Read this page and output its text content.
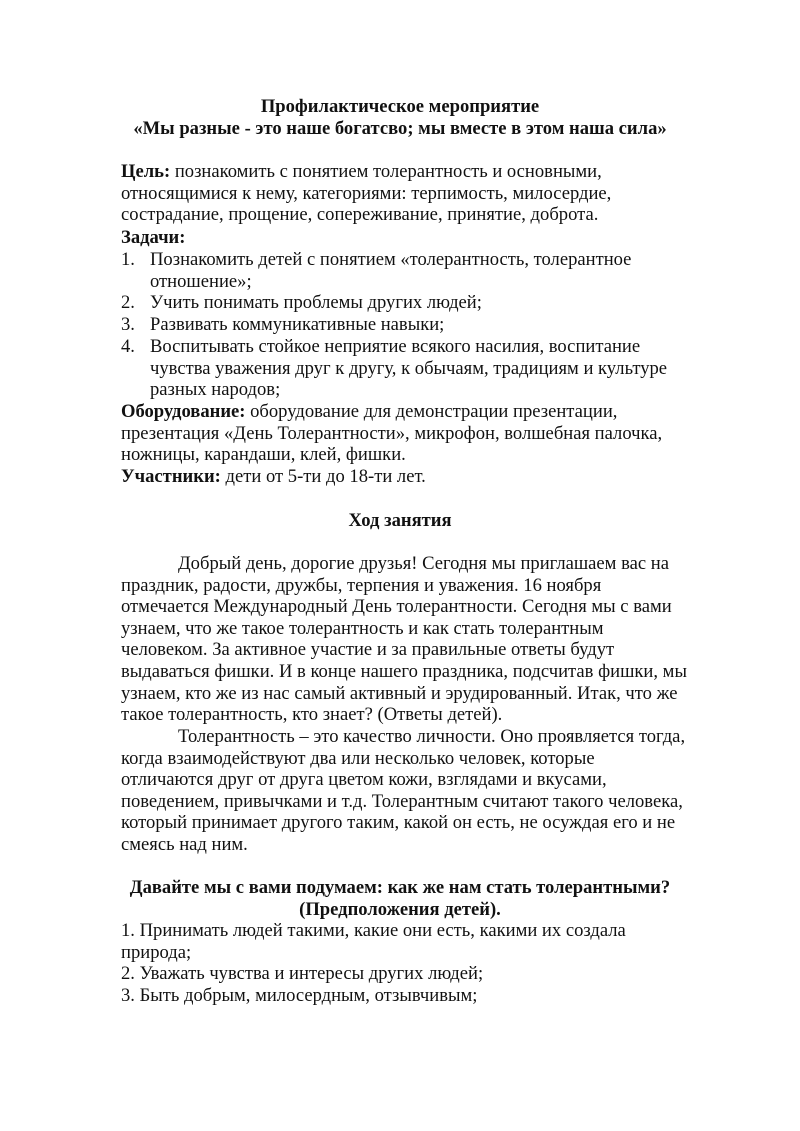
Профилактическое мероприятие
«Мы разные - это наше богатсво; мы вместе в этом наша сила»
Цель: познакомить с понятием толерантность и основными, относящимися к нему, категориями: терпимость, милосердие, сострадание, прощение, сопереживание, принятие, доброта.
Задачи:
1. Познакомить детей с понятием «толерантность, толерантное отношение»;
2. Учить понимать проблемы других людей;
3. Развивать коммуникативные навыки;
4. Воспитывать стойкое неприятие всякого насилия, воспитание чувства уважения друг к другу, к обычаям, традициям и культуре разных народов;
Оборудование: оборудование для демонстрации презентации, презентация «День Толерантности», микрофон, волшебная палочка, ножницы, карандаши, клей, фишки.
Участники: дети от 5-ти до 18-ти лет.
Ход занятия
Добрый день, дорогие друзья! Сегодня мы приглашаем вас на праздник, радости, дружбы, терпения и уважения. 16 ноября отмечается Международный День толерантности. Сегодня мы с вами узнаем, что же такое толерантность и как стать толерантным человеком. За активное участие и за правильные ответы будут выдаваться фишки. И в конце нашего праздника, подсчитав фишки, мы узнаем, кто же из нас самый активный и эрудированный. Итак, что же такое толерантность, кто знает? (Ответы детей).
Толерантность – это качество личности. Оно проявляется тогда, когда взаимодействуют два или несколько человек, которые отличаются друг от друга цветом кожи, взглядами и вкусами, поведением, привычками и т.д. Толерантным считают такого человека, который принимает другого таким, какой он есть, не осуждая его и не смеясь над ним.
Давайте мы с вами подумаем: как же нам стать толерантными?
(Предположения детей).
1. Принимать людей такими, какие они есть, какими их создала природа;
2. Уважать чувства и интересы других людей;
3. Быть добрым, милосердным, отзывчивым;
